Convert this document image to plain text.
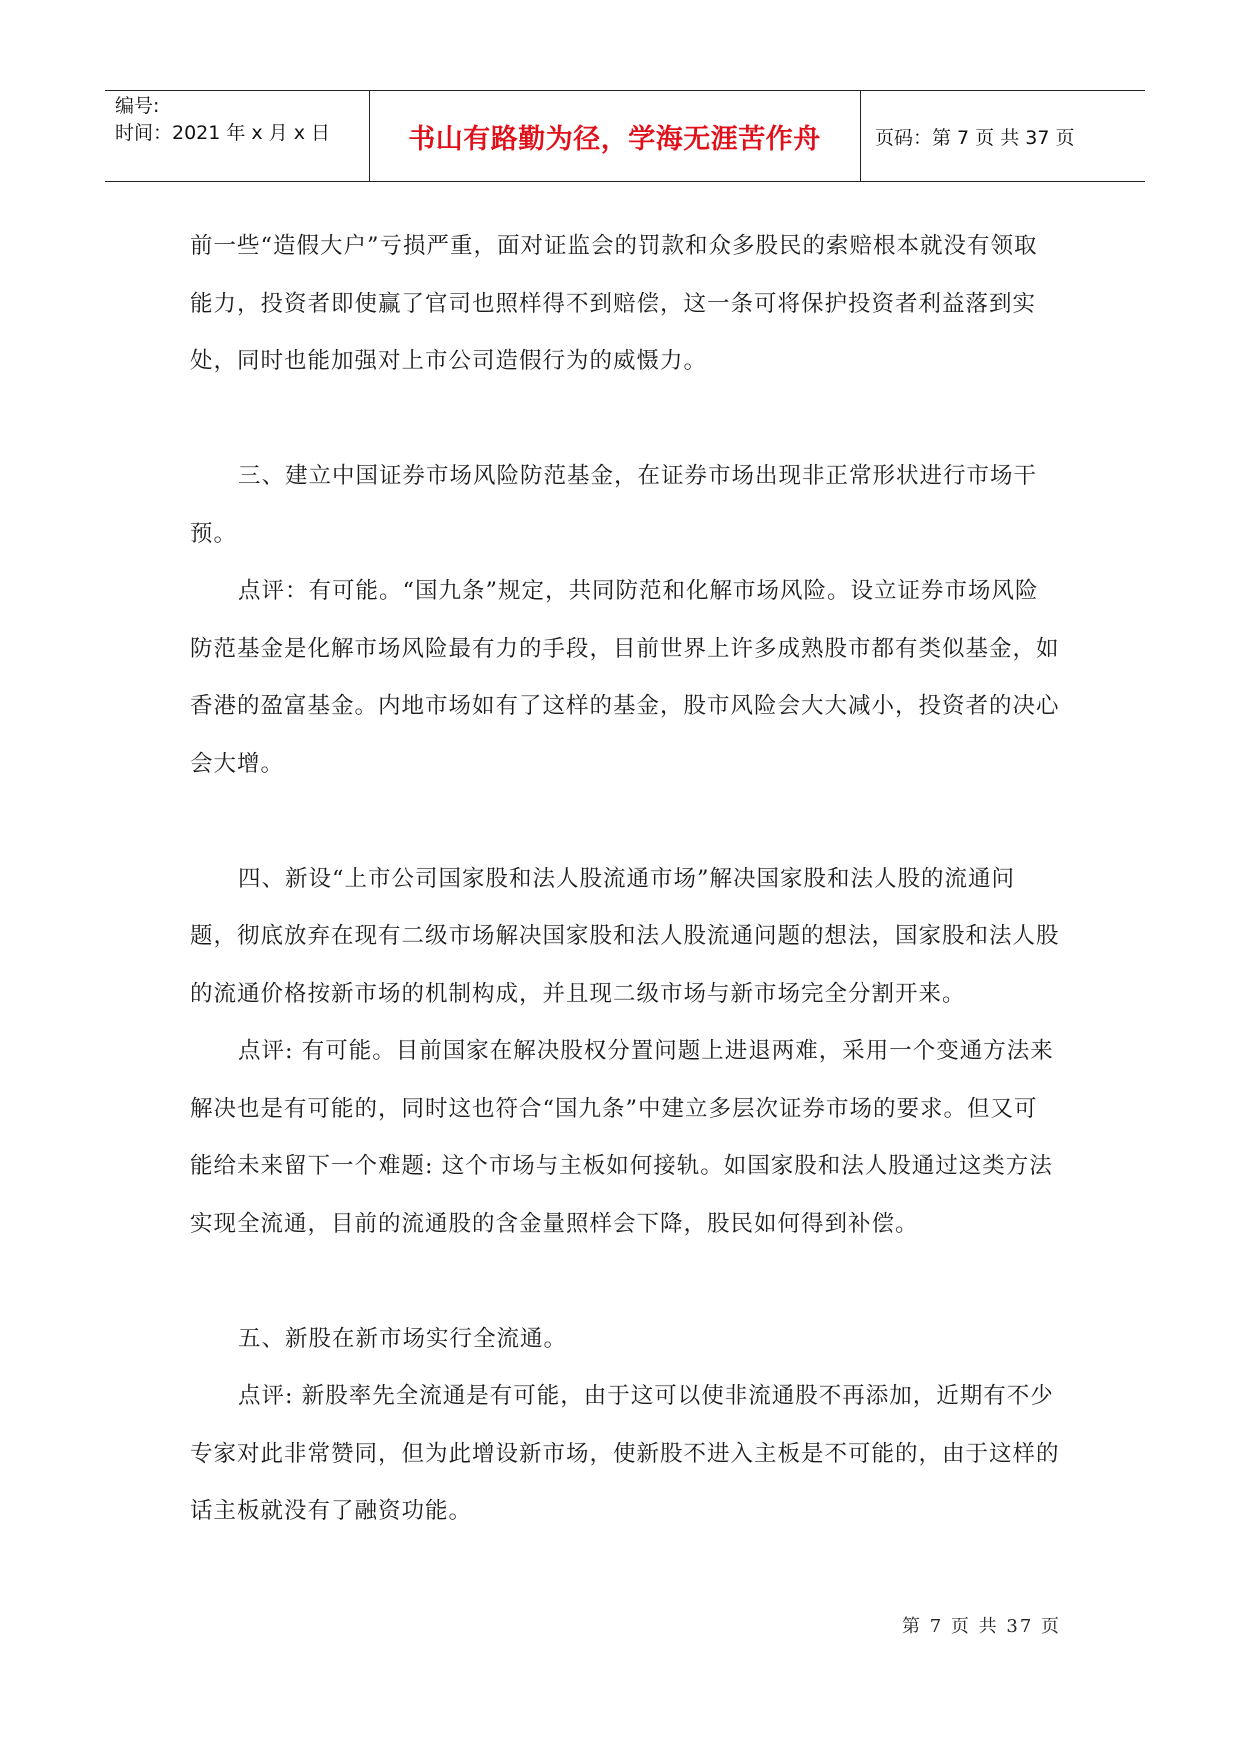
编号:
时间：2021 年 x 月 x 日	书山有路勤为径，学海无涯苦作舟	页码：第 7 页 共 37 页

前一些“造假大户”亏损严重，面对证监会的罚款和众多股民的索赔根本就没有领取能力，投资者即使赢了官司也照样得不到赔偿，这一条可将保护投资者利益落到实处，同时也能加强对上市公司造假行为的威慑力。

三、建立中国证券市场风险防范基金，在证券市场出现非正常形状进行市场干预。

点评：有可能。“国九条”规定，共同防范和化解市场风险。设立证券市场风险防范基金是化解市场风险最有力的手段，目前世界上许多成熟股市都有类似基金，如香港的盈富基金。内地市场如有了这样的基金，股市风险会大大减小，投资者的决心会大增。

四、新设“上市公司国家股和法人股流通市场”解决国家股和法人股的流通问题，彻底放弃在现有二级市场解决国家股和法人股流通问题的想法，国家股和法人股的流通价格按新市场的机制构成，并且现二级市场与新市场完全分割开来。

点评: 有可能。目前国家在解决股权分置问题上进退两难，采用一个变通方法来解决也是有可能的，同时这也符合“国九条”中建立多层次证券市场的要求。但又可能给未来留下一个难题: 这个市场与主板如何接轨。如国家股和法人股通过这类方法实现全流通，目前的流通股的含金量照样会下降，股民如何得到补偿。

五、新股在新市场实行全流通。

点评: 新股率先全流通是有可能，由于这可以使非流通股不再添加，近期有不少专家对此非常赞同，但为此增设新市场，使新股不进入主板是不可能的，由于这样的话主板就没有了融资功能。

第 7 页 共 37 页
